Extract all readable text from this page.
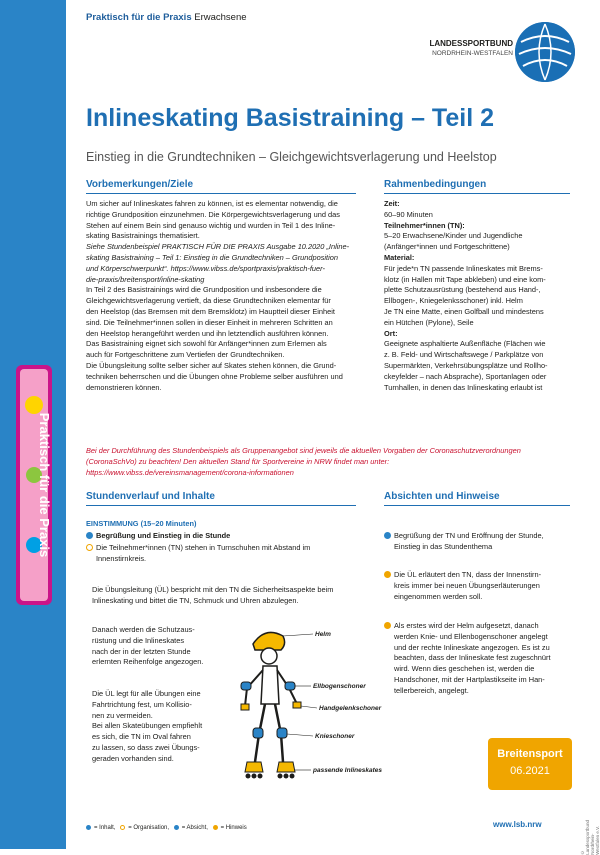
Praktisch für die Praxis
Praktisch für die Praxis Erwachsene
LANDESSPORTBUND
NORDRHEIN-WESTFALEN
Inlineskating Basistraining – Teil 2
Einstieg in die Grundtechniken – Gleichgewichtsverlagerung und Heelstop
Vorbemerkungen/Ziele
Um sicher auf Inlineskates fahren zu können, ist es elementar notwendig, die
richtige Grundposition einzunehmen. Die Körpergewichtsverlagerung und das
Stehen auf einem Bein sind genauso wichtig und wurden in Teil 1 des Inline-
skating Basistrainings thematisiert.
Siehe Stundenbeispiel PRAKTISCH FÜR DIE PRAXIS Ausgabe 10.2020 „Inline-
skating Basistraining – Teil 1: Einstieg in die Grundtechniken – Grundposition
und Körperschwerpunkt“. https://www.vibss.de/sportpraxis/praktisch-fuer-
die-praxis/breitensport/inline-skating
In Teil 2 des Basistrainings wird die Grundposition und insbesondere die
Gleichgewichtsverlagerung vertieft, da diese Grundtechniken elementar für
den Heelstop (das Bremsen mit dem Bremsklotz) im Hauptteil dieser Einheit
sind. Die Teilnehmer*innen sollen in dieser Einheit in mehreren Schritten an
den Heelstop herangeführt werden und ihn letztendlich ausführen können.
Das Basistraining eignet sich sowohl für Anfänger*innen zum Erlernen als
auch für Fortgeschrittene zum Vertiefen der Grundtechniken.
Die Übungsleitung sollte selber sicher auf Skates stehen können, die Grund-
techniken beherrschen und die Übungen ohne Probleme selber ausführen und
demonstrieren können.
Rahmenbedingungen
Zeit:
60–90 Minuten
Teilnehmer*innen (TN):
5–20 Erwachsene/Kinder und Jugendliche
(Anfänger*innen und Fortgeschrittene)
Material:
Für jede*n TN passende Inlineskates mit Brems-
klotz (in Hallen mit Tape abkleben) und eine kom-
plette Schutzausrüstung (bestehend aus Hand-,
Ellbogen-, Kniegelenksschoner) inkl. Helm
Je TN eine Matte, einen Golfball und mindestens
ein Hütchen (Pylone), Seile
Ort:
Geeignete asphaltierte Außenfläche (Flächen wie
z. B. Feld- und Wirtschaftswege / Parkplätze von
Supermärkten, Verkehrsübungsplätze und Rollho-
ckeyfelder – nach Absprache), Sportanlagen oder
Turnhallen, in denen das Inlineskating erlaubt ist
Bei der Durchführung des Stundenbeispiels als Gruppenangebot sind jeweils die aktuellen Vorgaben der Coronaschutzverordnungen
(CoronaSchVo) zu beachten! Den aktuellen Stand für Sportvereine in NRW findet man unter:
https://www.vibss.de/vereinsmanagement/corona-informationen
Stundenverlauf und Inhalte
EINSTIMMUNG (15–20 Minuten)
Begrüßung und Einstieg in die Stunde
Die Teilnehmer*innen (TN) stehen in Turnschuhen mit Abstand im
Innenstirnkreis.
Die Übungsleitung (ÜL) bespricht mit den TN die Sicherheitsaspekte beim
Inlineskating und bittet die TN, Schmuck und Uhren abzulegen.
Danach werden die Schutzaus-
rüstung und die Inlineskates
nach der in der letzten Stunde
erlernten Reihenfolge angezogen.
Die ÜL legt für alle Übungen eine
Fahrtrichtung fest, um Kollisio-
nen zu vermeiden.
Bei allen Skateübungen empfiehlt
es sich, die TN im Oval fahren
zu lassen, so dass zwei Übungs-
geraden vorhanden sind.
Helm
Ellbogenschoner
Handgelenkschoner
Knieschoner
passende Inlineskates
Absichten und Hinweise
Begrüßung der TN und Eröffnung der Stunde,
Einstieg in das Stundenthema
Die ÜL erläutert den TN, dass der Innenstirn-
kreis immer bei neuen Übungserläuterungen
eingenommen werden soll.
Als erstes wird der Helm aufgesetzt, danach
werden Knie- und Ellenbogenschoner angelegt
und der rechte Inlineskate angezogen. Es ist zu
beachten, dass der Inlineskate fest zugeschnürt
wird. Wenn dies geschehen ist, werden die
Handschoner, mit der Hartplastikseite im Han-
tellerbereich, angelegt.
Breitensport
06.2021
= Inhalt, = Organisation, = Absicht, = Hinweis	www.lsb.nrw
© Landessportbund Nordrhein-Westfalen e.V.
